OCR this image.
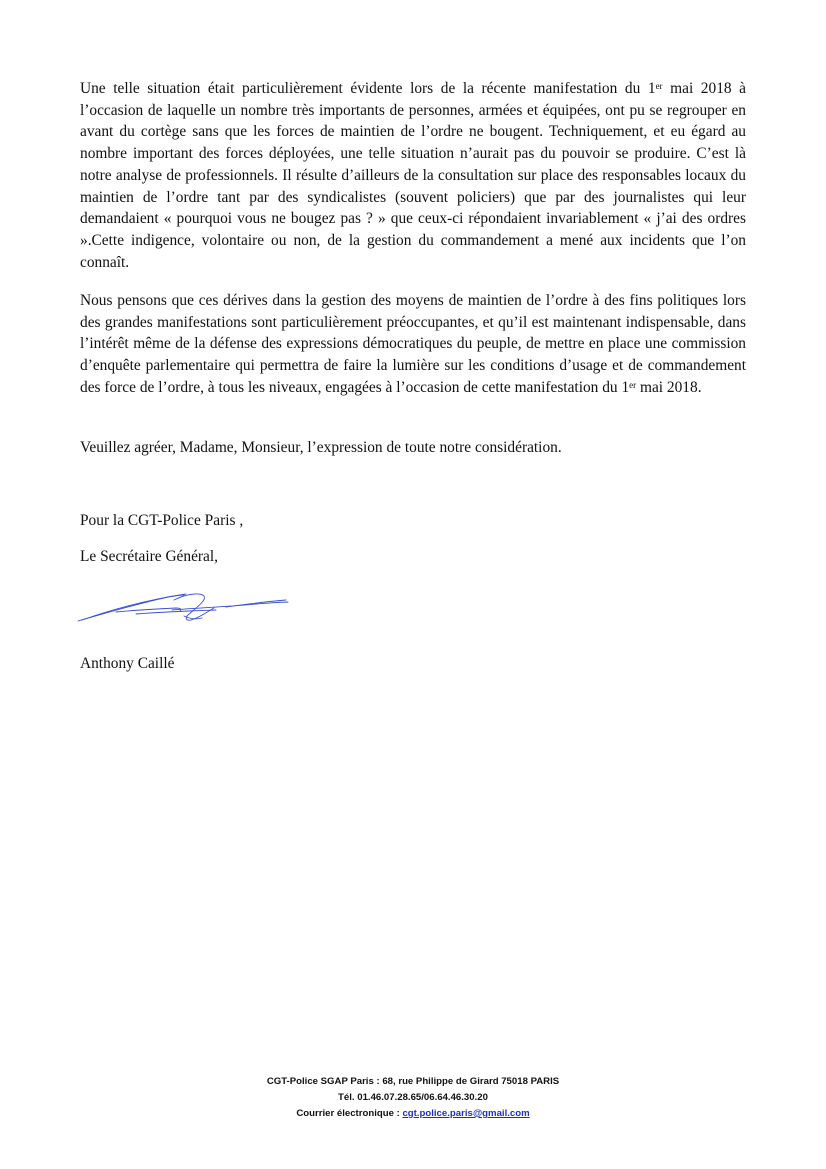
Une telle situation était particulièrement évidente lors de la récente manifestation du 1er mai 2018 à l’occasion de laquelle un nombre très importants de personnes, armées et équipées, ont pu se regrouper en avant du cortège sans que les forces de maintien de l’ordre ne bougent. Techniquement, et eu égard au nombre important des forces déployées, une telle situation n’aurait pas du pouvoir se produire. C’est là notre analyse de professionnels. Il résulte d’ailleurs de la consultation sur place des responsables locaux du maintien de l’ordre tant par des syndicalistes (souvent policiers) que par des journalistes qui leur demandaient « pourquoi vous ne bougez pas ? » que ceux-ci répondaient invariablement « j’ai des ordres ».Cette indigence, volontaire ou non, de la gestion du commandement a mené aux incidents que l’on connaît.

Nous pensons que ces dérives dans la gestion des moyens de maintien de l’ordre à des fins politiques lors des grandes manifestations sont particulièrement préoccupantes, et qu’il est maintenant indispensable, dans l’intérêt même de la défense des expressions démocratiques du peuple, de mettre en place une commission d’enquête parlementaire qui permettra de faire la lumière sur les conditions d’usage et de commandement des force de l’ordre, à tous les niveaux, engagées à l’occasion de cette manifestation du 1er mai 2018.

Veuillez agréer, Madame, Monsieur, l’expression de toute notre considération.

Pour la CGT-Police Paris ,

Le Secrétaire Général,

Anthony Caillé

CGT-Police SGAP Paris : 68, rue Philippe de Girard 75018 PARIS
Tél. 01.46.07.28.65/06.64.46.30.20
Courrier électronique : cgt.police.paris@gmail.com
